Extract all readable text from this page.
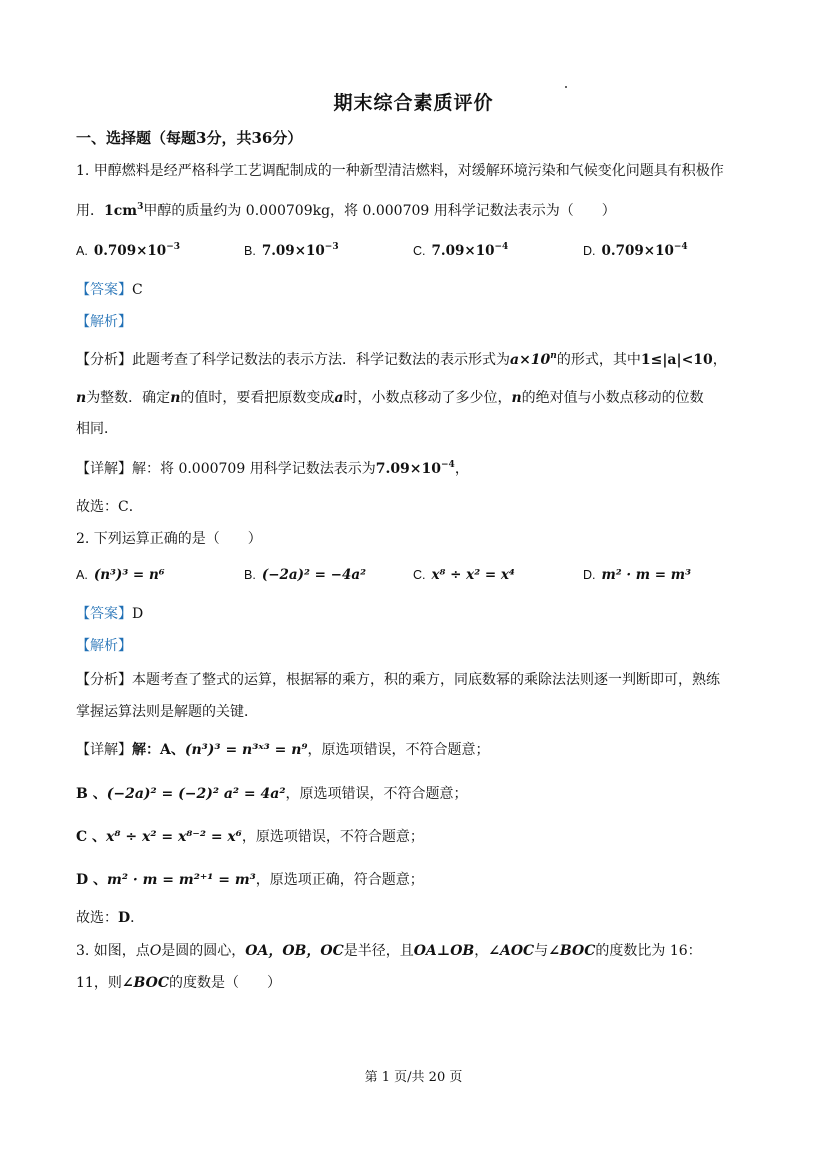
期末综合素质评价
一、选择题（每题3分，共36分）
1. 甲醇燃料是经严格科学工艺调配制成的一种新型清洁燃料，对缓解环境污染和气候变化问题具有积极作
用．$1cm^3$甲醇的质量约为 0.000709kg，将 0.000709 用科学记数法表示为（　　）
A. $0.709\times 10^{-3}$	B. $7.09\times 10^{-3}$	C. $7.09\times 10^{-4}$	D. $0.709\times 10^{-4}$
【答案】C
【解析】
【分析】此题考查了科学记数法的表示方法．科学记数法的表示形式为$a\times 10^n$的形式，其中1≤|a|<10，
n为整数．确定n的值时，要看把原数变成a时，小数点移动了多少位，n的绝对值与小数点移动的位数
相同．
【详解】解：将 0.000709 用科学记数法表示为$7.09\times 10^{-4}$，
故选：C．
2. 下列运算正确的是（　　）
A. (n³)³ = n⁶	B. (−2a)² = −4a²	C. x⁸ ÷ x² = x⁴	D. m² · m = m³
【答案】D
【解析】
【分析】本题考查了整式的运算，根据幂的乘方，积的乘方，同底数幂的乘除法法则逐一判断即可，熟练
掌握运算法则是解题的关键．
【详解】解：A、(n³)³ = n³ˣ³ = n⁹，原选项错误，不符合题意；
B 、(−2a)² = (−2)² a² = 4a²，原选项错误，不符合题意；
C 、x⁸ ÷ x² = x⁸⁻² = x⁶，原选项错误，不符合题意；
D 、m² · m = m²⁺¹ = m³，原选项正确，符合题意；
故选：D．
3. 如图，点O是圆的圆心，OA，OB，OC是半径，且OA⊥OB，∠AOC与∠BOC的度数比为 16：
11，则∠BOC的度数是（　　）
第 1 页/共 20 页
